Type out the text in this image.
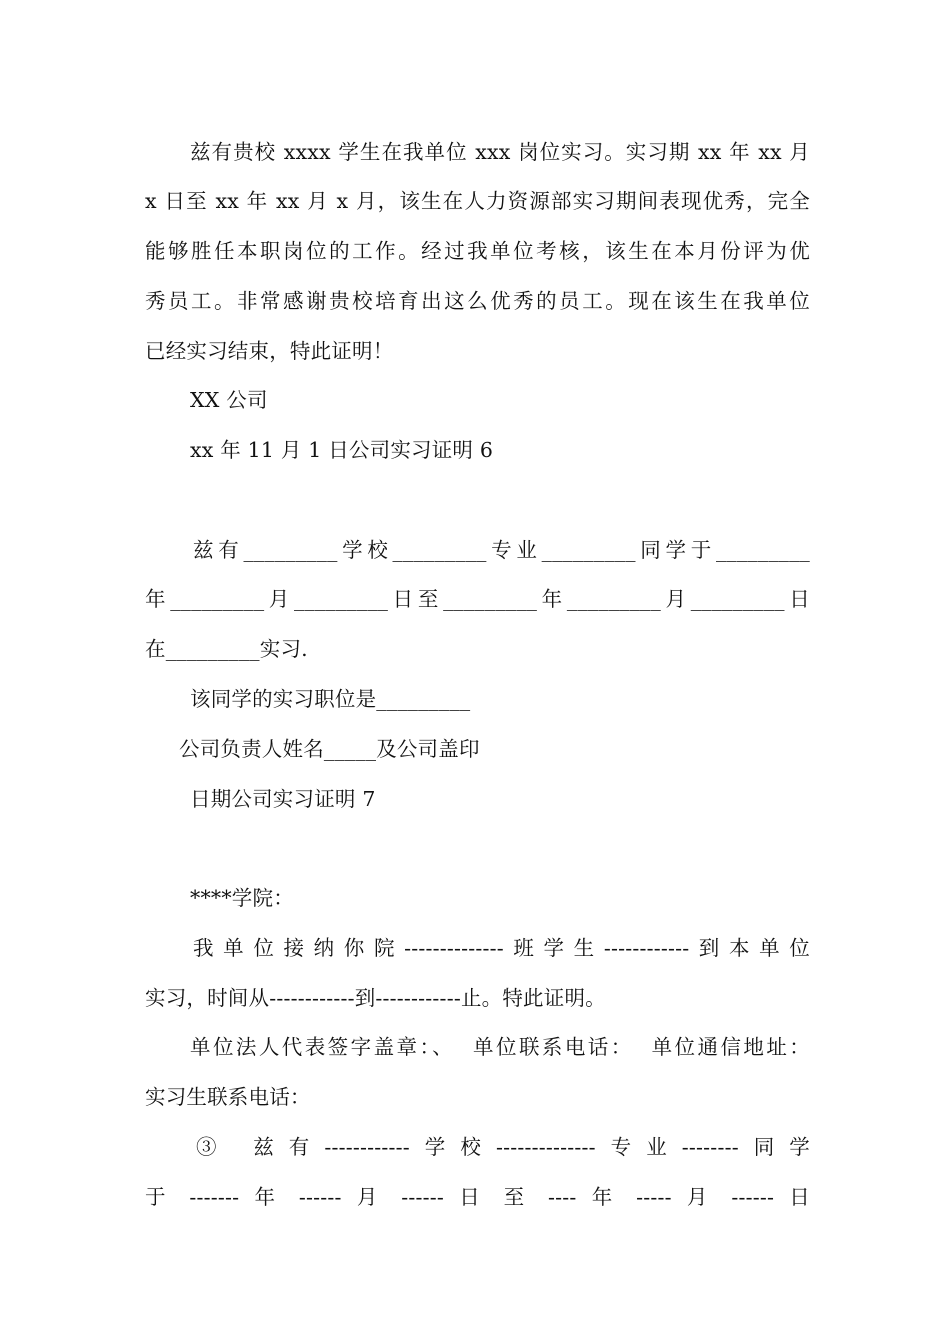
兹有贵校 xxxx 学生在我单位 xxx 岗位实习。实习期 xx 年 xx 月
x 日至 xx 年 xx 月 x 月，该生在人力资源部实习期间表现优秀，完全
能够胜任本职岗位的工作。经过我单位考核，该生在本月份评为优
秀员工。非常感谢贵校培育出这么优秀的员工。现在该生在我单位
已经实习结束，特此证明！
XX 公司
xx 年 11 月 1 日公司实习证明 6
兹有_________学校_________专业_________同学于_________
年_________月_________日至_________年_________月_________日
在_________实习.
该同学的实习职位是_________
公司负责人姓名_____及公司盖印
日期公司实习证明 7
****学院：
我单位接纳你院--------------班学生------------到本单位
实习，时间从------------到------------止。特此证明。
单位法人代表签字盖章：、  单位联系电话：  单位通信地址：
实习生联系电话：
③ 兹有------------学校--------------专业--------同学
于 ------- 年 ------ 月 ------ 日 至 ---- 年 ----- 月 ------ 日
